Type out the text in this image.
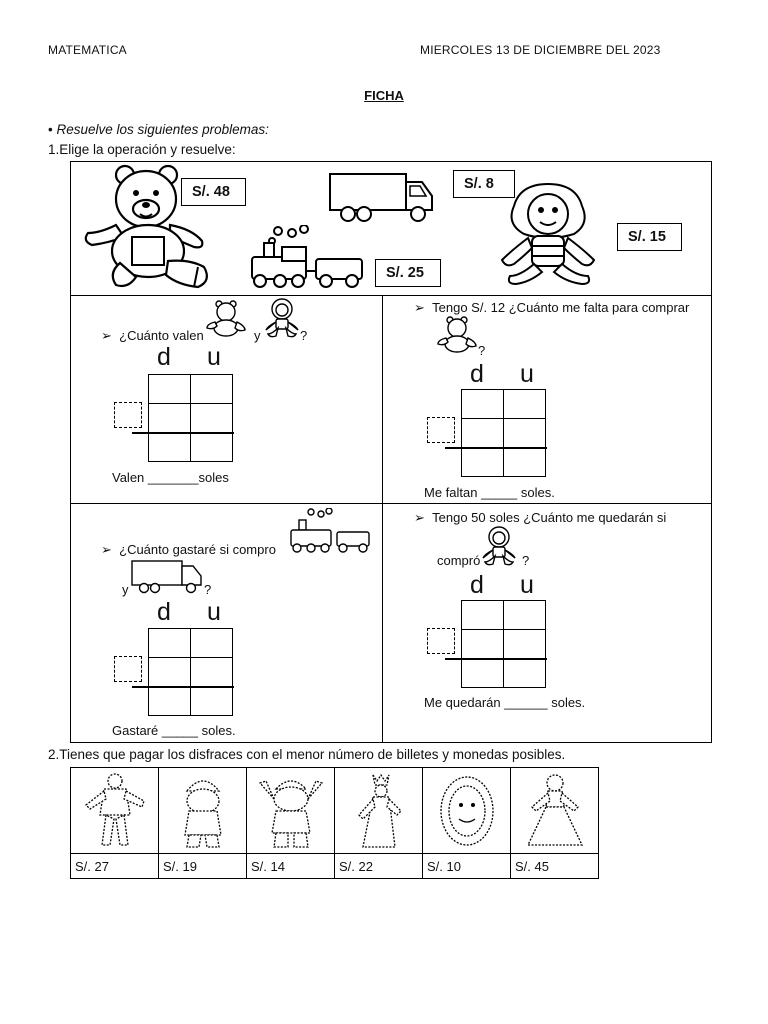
MATEMATICA	MIERCOLES 13 DE DICIEMBRE DEL 2023
FICHA
• Resuelve los siguientes problemas:
1.Elige la operación y resuelve:
S/. 48	S/. 8
S/. 25
S/. 15
➢  ¿Cuánto valen	y	?
d u

Valen _______soles
➢  Tengo S/. 12 ¿Cuánto me falta para comprar
?
d u

Me faltan _____ soles.
➢  ¿Cuánto gastaré si compro
y	?
d u

Gastaré _____ soles.
➢  Tengo 50 soles ¿Cuánto me quedarán si
compró	?
d u

Me quedarán ______ soles.
2.Tienes que pagar los disfraces con el menor número de billetes y monedas posibles.

S/. 27	S/. 19	S/. 14	S/. 22	S/. 10	S/. 45
